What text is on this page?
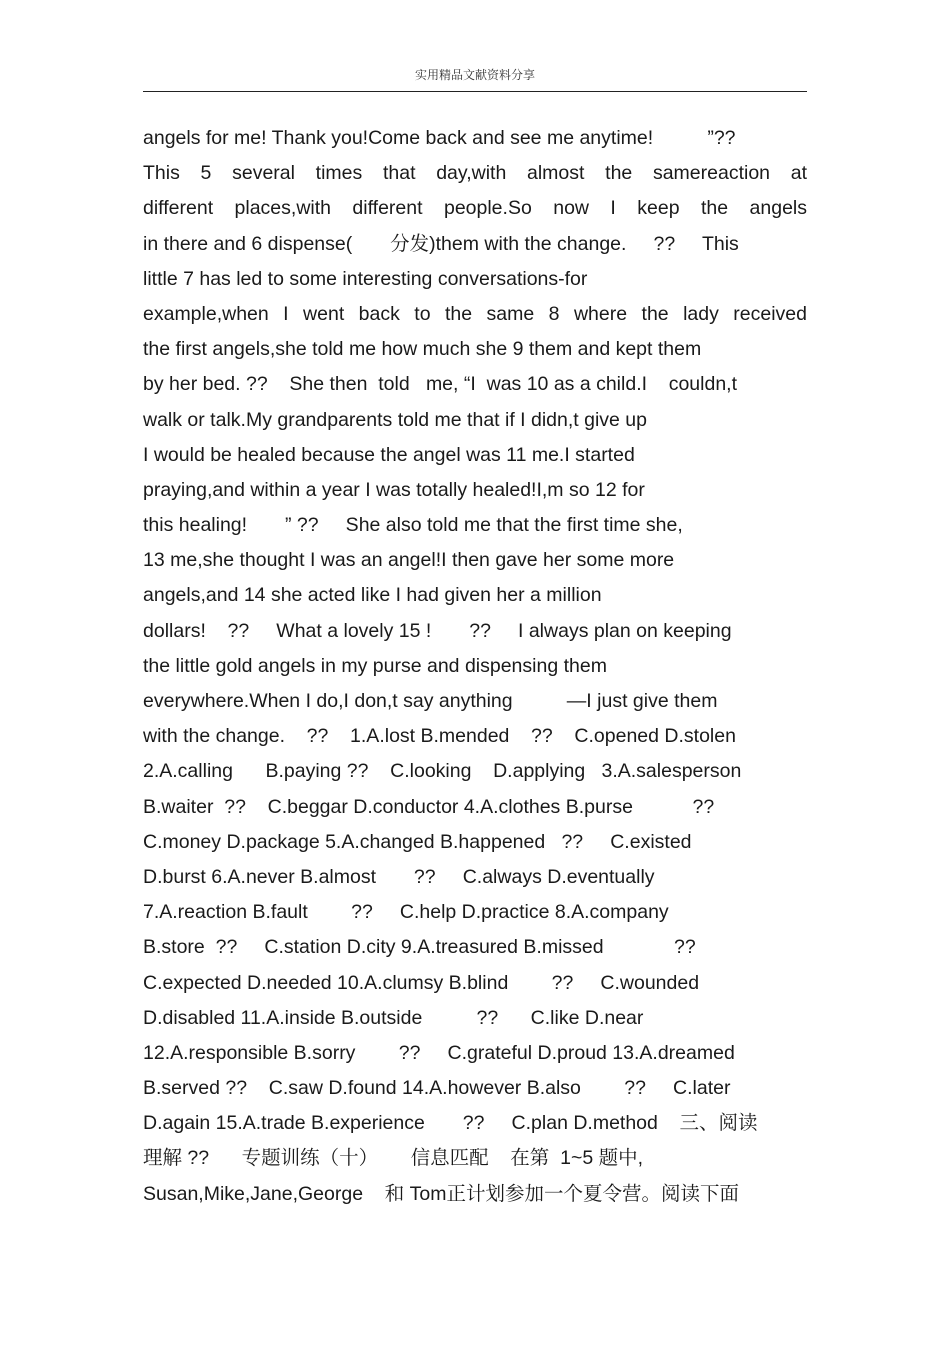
实用精品文献资料分享
angels for me! Thank you!Come back and see me anytime!          ”??
This 5 several times that day,with almost the samereaction at
different places,with different people.So now I keep the angels
in there and 6 dispense(       分发)them with the change.     ??     This
little 7 has led to some interesting conversations-for
example,when I went back to the same 8 where the lady received
the first angels,she told me how much she 9 them and kept them
by her bed. ??    She then  told   me, “I  was 10 as a child.I    couldn,t
walk or talk.My grandparents told me that if I didn,t give up
I would be healed because the angel was 11 me.I started
praying,and within a year I was totally healed!I,m so 12 for
this healing!       ” ??     She also told me that the first time she,
13 me,she thought I was an angel!I then gave her some more
angels,and 14 she acted like I had given her a million
dollars!    ??     What a lovely 15 !       ??     I always plan on keeping
the little gold angels in my purse and dispensing them
everywhere.When I do,I don,t say anything          —I just give them
with the change.    ??    1.A.lost B.mended    ??    C.opened D.stolen
2.A.calling      B.paying ??    C.looking    D.applying   3.A.salesperson
B.waiter  ??    C.beggar D.conductor 4.A.clothes B.purse           ??
C.money D.package 5.A.changed B.happened   ??     C.existed
D.burst 6.A.never B.almost       ??     C.always D.eventually
7.A.reaction B.fault        ??     C.help D.practice 8.A.company
B.store  ??     C.station D.city 9.A.treasured B.missed             ??
C.expected D.needed 10.A.clumsy B.blind        ??     C.wounded
D.disabled 11.A.inside B.outside          ??      C.like D.near
12.A.responsible B.sorry        ??     C.grateful D.proud 13.A.dreamed
B.served ??    C.saw D.found 14.A.however B.also        ??     C.later
D.again 15.A.trade B.experience       ??     C.plan D.method    三、阅读
理解 ??      专题训练（十）      信息匹配    在第  1~5 题中,
Susan,Mike,Jane,George    和 Tom正计划参加一个夏令营。阅读下面
